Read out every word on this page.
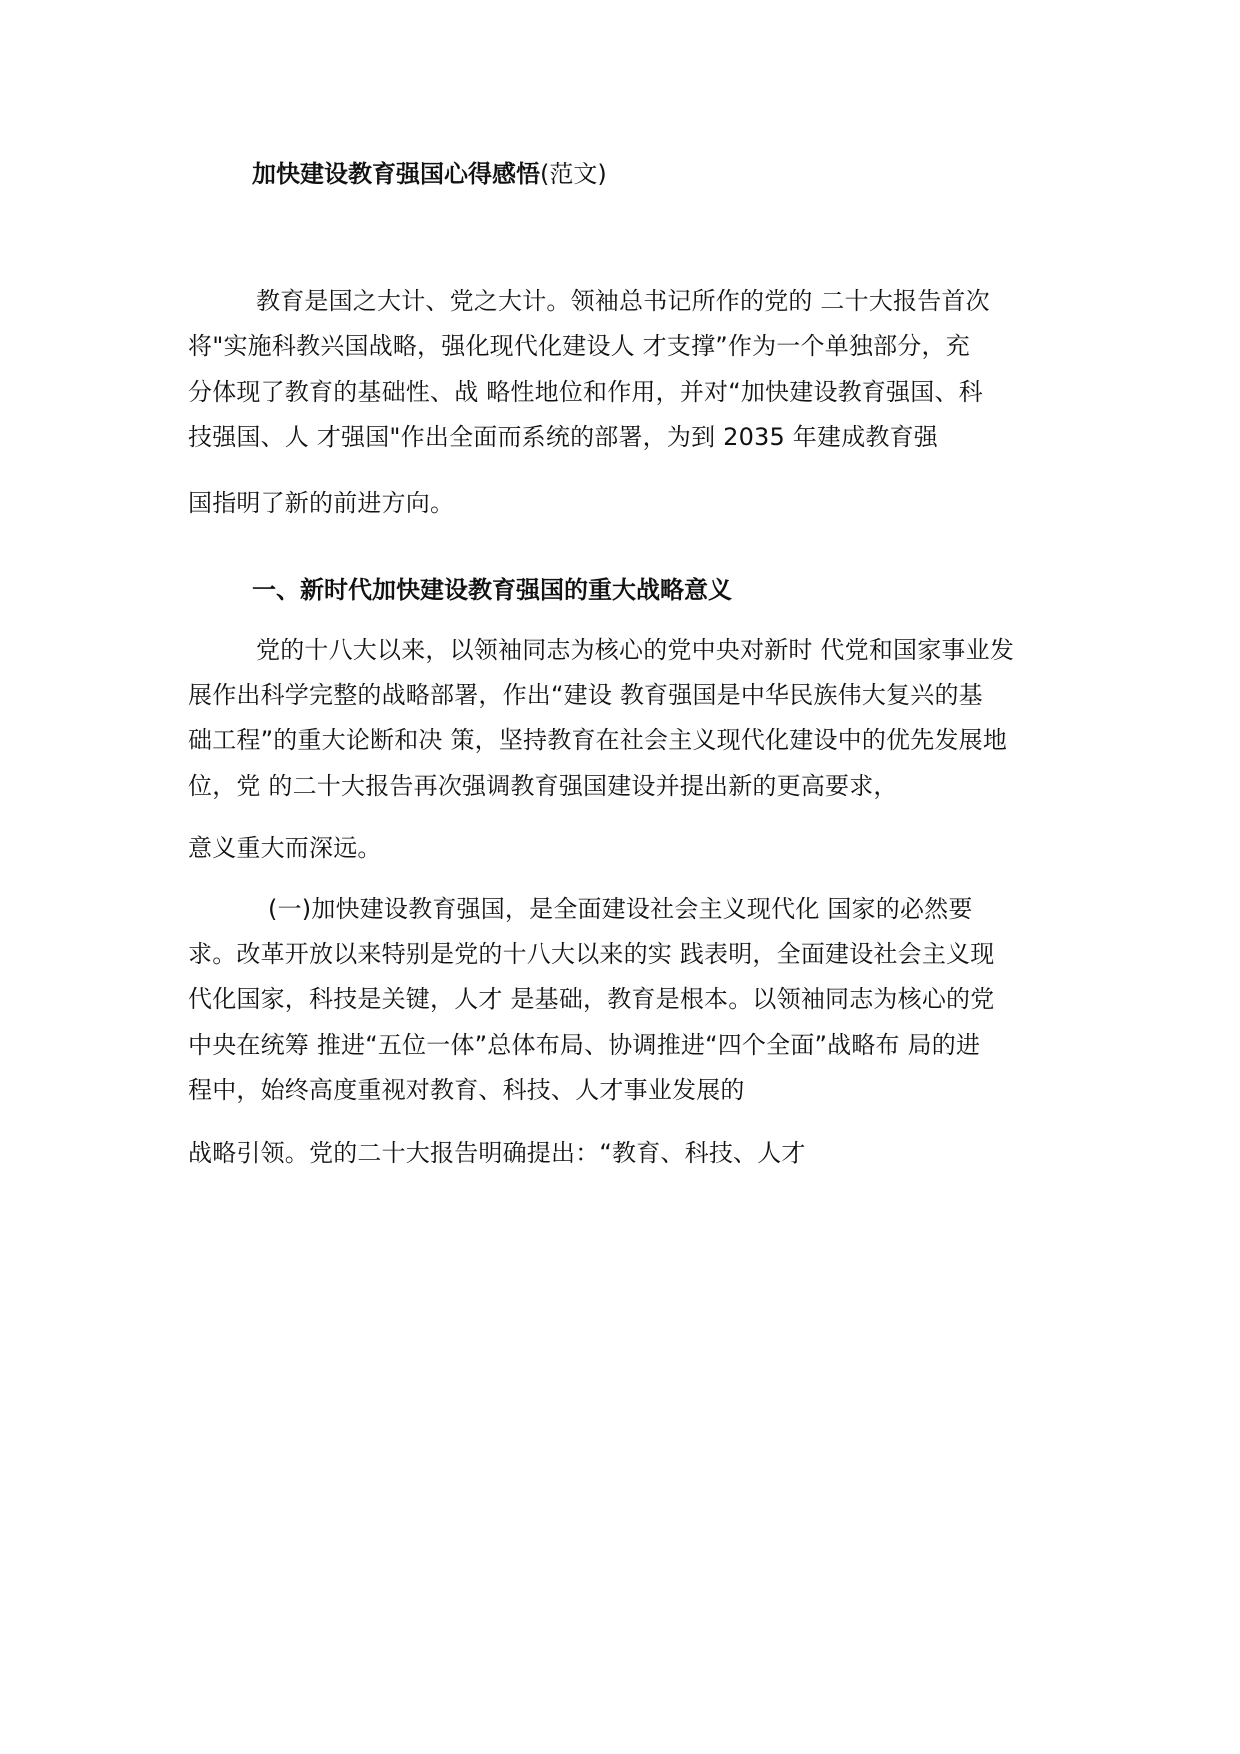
加快建设教育强国心得感悟(范文)
教育是国之大计、党之大计。领袖总书记所作的党的 二十大报告首次
将"实施科教兴国战略，强化现代化建设人 才支撑”作为一个单独部分，充
分体现了教育的基础性、战 略性地位和作用，并对“加快建设教育强国、科
技强国、人 才强国"作出全面而系统的部署，为到 2035 年建成教育强
国指明了新的前进方向。
一、新时代加快建设教育强国的重大战略意义
党的十八大以来，以领袖同志为核心的党中央对新时 代党和国家事业发
展作出科学完整的战略部署，作出“建设 教育强国是中华民族伟大复兴的基
础工程”的重大论断和决 策，坚持教育在社会主义现代化建设中的优先发展地
位，党 的二十大报告再次强调教育强国建设并提出新的更高要求，
意义重大而深远。
(一)加快建设教育强国，是全面建设社会主义现代化 国家的必然要
求。改革开放以来特别是党的十八大以来的实 践表明，全面建设社会主义现
代化国家，科技是关键，人才 是基础，教育是根本。以领袖同志为核心的党
中央在统筹 推进“五位一体”总体布局、协调推进“四个全面”战略布 局的进
程中，始终高度重视对教育、科技、人才事业发展的
战略引领。党的二十大报告明确提出：“教育、科技、人才
